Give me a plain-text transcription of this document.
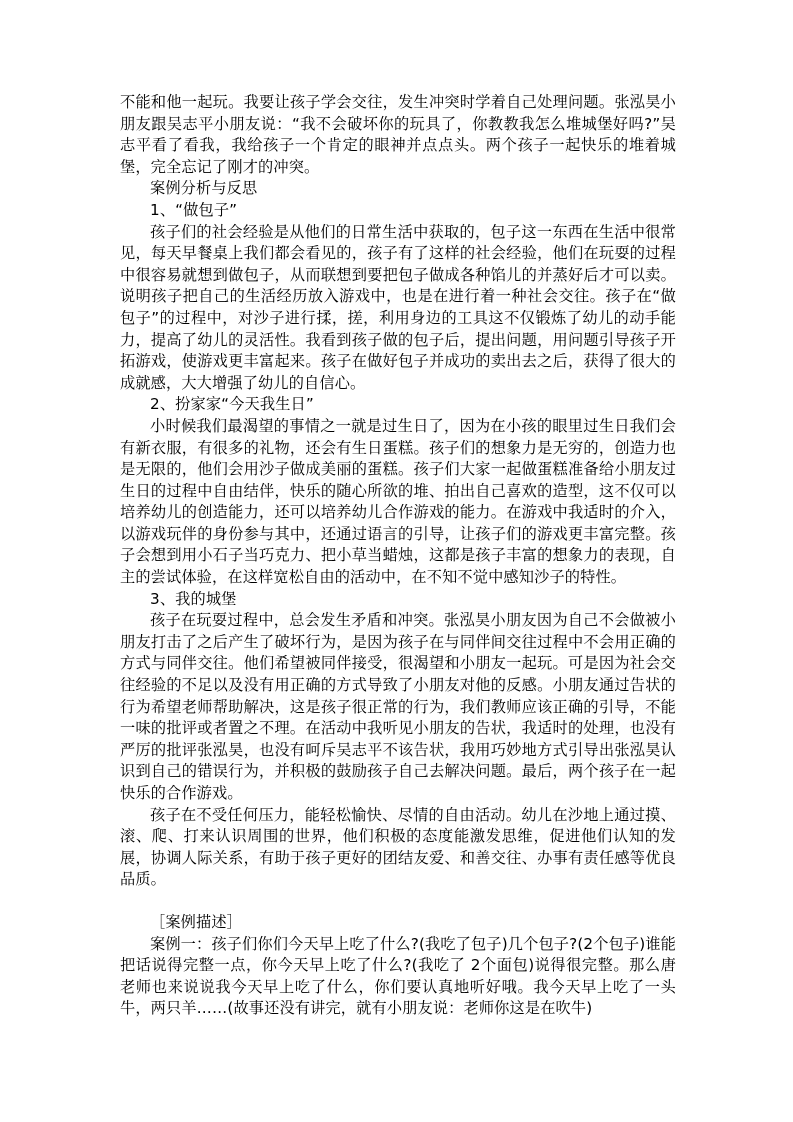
不能和他一起玩。我要让孩子学会交往，发生冲突时学着自己处理问题。张泓昊小朋友跟吴志平小朋友说：“我不会破坏你的玩具了，你教教我怎么堆城堡好吗?”吴志平看了看我，我给孩子一个肯定的眼神并点点头。两个孩子一起快乐的堆着城堡，完全忘记了刚才的冲突。

案例分析与反思

1、“做包子”

孩子们的社会经验是从他们的日常生活中获取的，包子这一东西在生活中很常见，每天早餐桌上我们都会看见的，孩子有了这样的社会经验，他们在玩耍的过程中很容易就想到做包子，从而联想到要把包子做成各种馅儿的并蒸好后才可以卖。说明孩子把自己的生活经历放入游戏中，也是在进行着一种社会交往。孩子在“做包子”的过程中，对沙子进行揉，搓，利用身边的工具这不仅锻炼了幼儿的动手能力，提高了幼儿的灵活性。我看到孩子做的包子后，提出问题，用问题引导孩子开拓游戏，使游戏更丰富起来。孩子在做好包子并成功的卖出去之后，获得了很大的成就感，大大增强了幼儿的自信心。

2、扮家家“今天我生日”

小时候我们最渴望的事情之一就是过生日了，因为在小孩的眼里过生日我们会有新衣服，有很多的礼物，还会有生日蛋糕。孩子们的想象力是无穷的，创造力也是无限的，他们会用沙子做成美丽的蛋糕。孩子们大家一起做蛋糕准备给小朋友过生日的过程中自由结伴，快乐的随心所欲的堆、拍出自己喜欢的造型，这不仅可以培养幼儿的创造能力，还可以培养幼儿合作游戏的能力。在游戏中我适时的介入，以游戏玩伴的身份参与其中，还通过语言的引导，让孩子们的游戏更丰富完整。孩子会想到用小石子当巧克力、把小草当蜡烛，这都是孩子丰富的想象力的表现，自主的尝试体验，在这样宽松自由的活动中，在不知不觉中感知沙子的特性。

3、我的城堡

孩子在玩耍过程中，总会发生矛盾和冲突。张泓昊小朋友因为自己不会做被小朋友打击了之后产生了破坏行为，是因为孩子在与同伴间交往过程中不会用正确的方式与同伴交往。他们希望被同伴接受，很渴望和小朋友一起玩。可是因为社会交往经验的不足以及没有用正确的方式导致了小朋友对他的反感。小朋友通过告状的行为希望老师帮助解决，这是孩子很正常的行为，我们教师应该正确的引导，不能一味的批评或者置之不理。在活动中我听见小朋友的告状，我适时的处理，也没有严厉的批评张泓昊，也没有呵斥吴志平不该告状，我用巧妙地方式引导出张泓昊认识到自己的错误行为，并积极的鼓励孩子自己去解决问题。最后，两个孩子在一起快乐的合作游戏。

孩子在不受任何压力，能轻松愉快、尽情的自由活动。幼儿在沙地上通过摸、滚、爬、打来认识周围的世界，他们积极的态度能激发思维，促进他们认知的发展，协调人际关系，有助于孩子更好的团结友爱、和善交往、办事有责任感等优良品质。

［案例描述］

案例一：孩子们你们今天早上吃了什么?(我吃了包子)几个包子?(2个包子)谁能把话说得完整一点，你今天早上吃了什么?(我吃了 2个面包)说得很完整。那么唐老师也来说说我今天早上吃了什么，你们要认真地听好哦。我今天早上吃了一头牛，两只羊……(故事还没有讲完，就有小朋友说：老师你这是在吹牛)
